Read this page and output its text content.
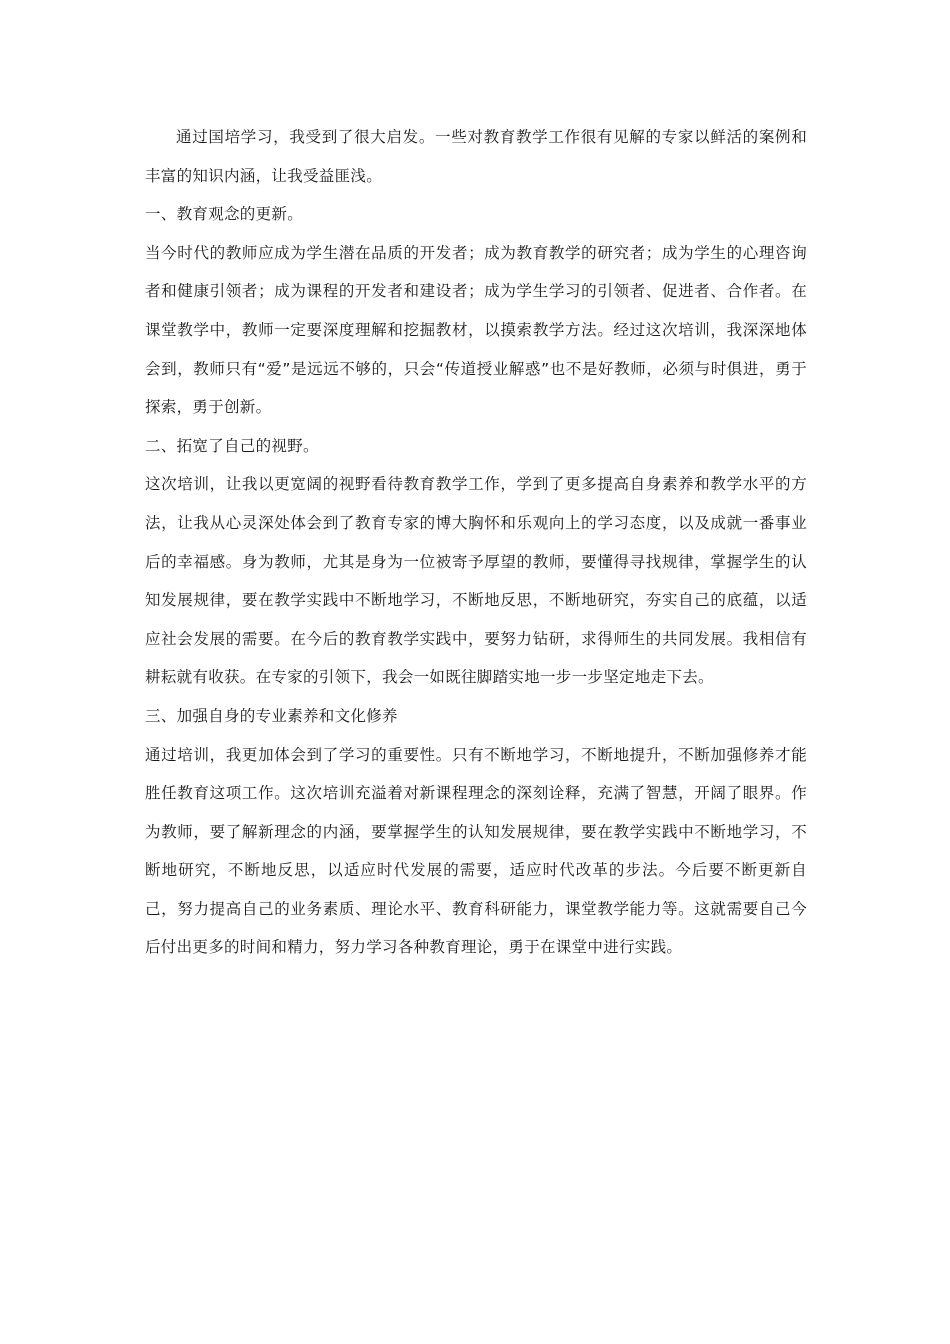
通过国培学习，我受到了很大启发。一些对教育教学工作很有见解的专家以鲜活的案例和丰富的知识内涵，让我受益匪浅。

一、教育观念的更新。

当今时代的教师应成为学生潜在品质的开发者；成为教育教学的研究者；成为学生的心理咨询者和健康引领者；成为课程的开发者和建设者；成为学生学习的引领者、促进者、合作者。在课堂教学中，教师一定要深度理解和挖掘教材，以摸索教学方法。经过这次培训，我深深地体会到，教师只有“爱”是远远不够的，只会“传道授业解惑”也不是好教师，必须与时俱进，勇于探索，勇于创新。

二、拓宽了自己的视野。

这次培训，让我以更宽阔的视野看待教育教学工作，学到了更多提高自身素养和教学水平的方法，让我从心灵深处体会到了教育专家的博大胸怀和乐观向上的学习态度，以及成就一番事业后的幸福感。身为教师，尤其是身为一位被寄予厚望的教师，要懂得寻找规律，掌握学生的认知发展规律，要在教学实践中不断地学习，不断地反思，不断地研究，夯实自己的底蕴，以适应社会发展的需要。在今后的教育教学实践中，要努力钻研，求得师生的共同发展。我相信有耕耘就有收获。在专家的引领下，我会一如既往脚踏实地一步一步坚定地走下去。

三、加强自身的专业素养和文化修养

通过培训，我更加体会到了学习的重要性。只有不断地学习，不断地提升，不断加强修养才能胜任教育这项工作。这次培训充溢着对新课程理念的深刻诠释，充满了智慧，开阔了眼界。作为教师，要了解新理念的内涵，要掌握学生的认知发展规律，要在教学实践中不断地学习，不断地研究，不断地反思，以适应时代发展的需要，适应时代改革的步法。今后要不断更新自己，努力提高自己的业务素质、理论水平、教育科研能力，课堂教学能力等。这就需要自己今后付出更多的时间和精力，努力学习各种教育理论，勇于在课堂中进行实践。
